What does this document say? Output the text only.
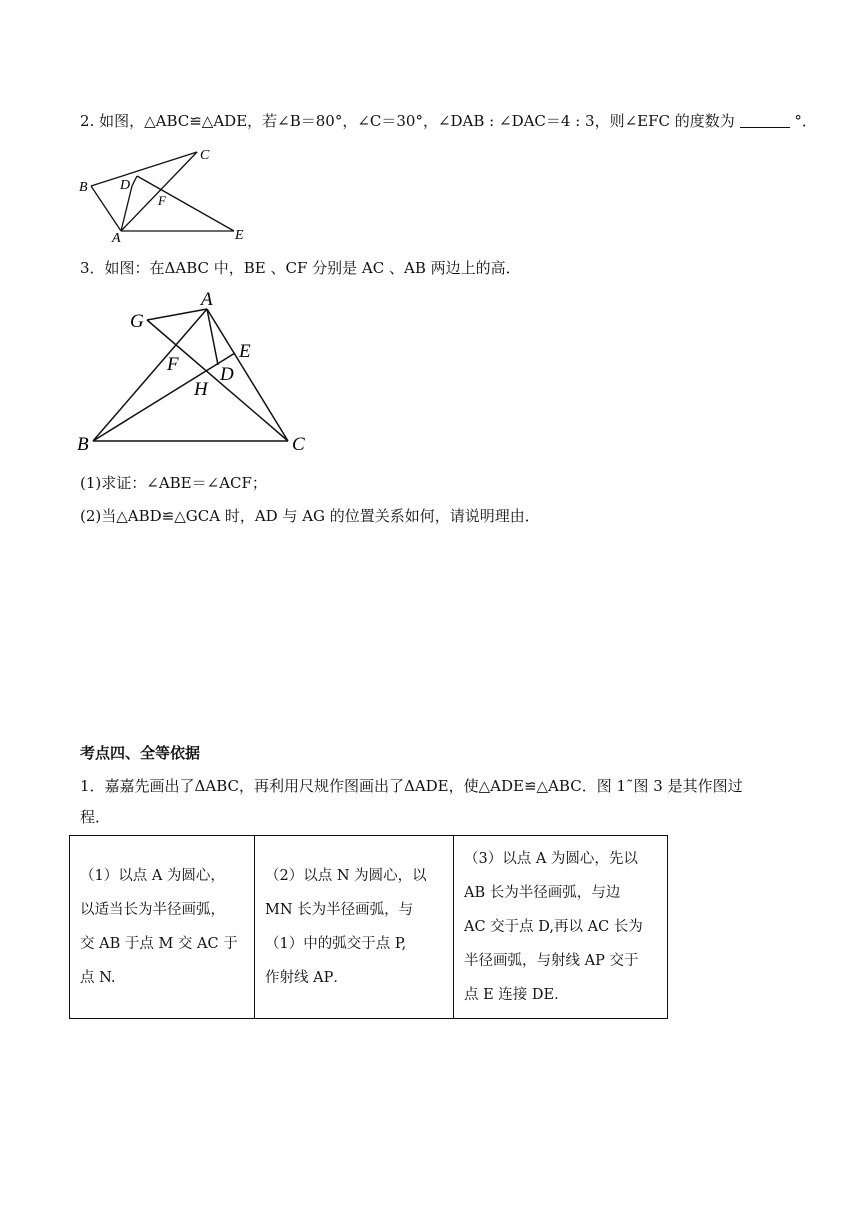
2. 如图，△ABC≌△ADE，若∠B＝80°，∠C＝30°，∠DAB : ∠DAC＝4 : 3，则∠EFC 的度数为	°．
B
C
D
F
A	E
3．如图：在ΔABC 中，BE 、CF 分别是 AC 、AB 两边上的高．
A
G
E
F D
H
B	C
(1)求证：∠ABE＝∠ACF；
(2)当△ABD≌△GCA 时，AD 与 AG 的位置关系如何，请说明理由．
考点四、全等依据
1．嘉嘉先画出了ΔABC，再利用尺规作图画出了ΔADE，使△ADE≌△ABC．图 1˜图 3 是其作图过
程．
（1）以点 A 为圆心，
以适当长为半径画弧，
交 AB 于点 M 交 AC 于
点 N.

（2）以点 N 为圆心，以
MN 长为半径画弧，与
（1）中的弧交于点 P,
作射线 AP．

（3）以点 A 为圆心，先以
AB 长为半径画弧，与边
AC 交于点 D,再以 AC 长为
半径画弧，与射线 AP 交于
点 E 连接 DE．
